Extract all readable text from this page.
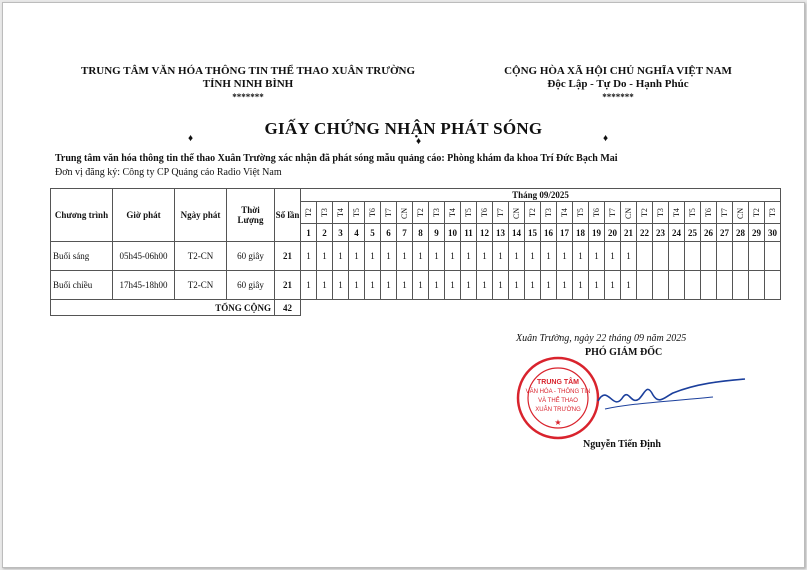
TRUNG TÂM VĂN HÓA THÔNG TIN THỂ THAO XUÂN TRƯỜNG
TỈNH NINH BÌNH
*******
CỘNG HÒA XÃ HỘI CHỦ NGHĨA VIỆT NAM
Độc Lập - Tự Do - Hạnh Phúc
*******
GIẤY CHỨNG NHẬN PHÁT SÓNG
♦	♦	♦
Trung tâm văn hóa thông tin thể thao Xuân Trường xác nhận đã phát sóng mẫu quảng cáo: Phòng khám đa khoa Trí Đức Bạch Mai
Đơn vị đăng ký: Công ty CP Quảng cáo Radio Việt Nam
Chương trình	Giờ phát	Ngày phát	Thời Lượng	Số lần	Tháng 09/2025																													

					T2	T3	T4	T5	T6	T7	CN	T2	T3	T4	T5	T6	T7	CN	T2	T3	T4	T5	T6	T7	CN	T2	T3	T4	T5	T6	T7	CN	T2	T3

					1	2	3	4	5	6	7	8	9	10	11	12	13	14	15	16	17	18	19	20	21	22	23	24	25	26	27	28	29	30
Buổi sáng	05h45-06h00	T2-CN	60 giây	21	1	1	1	1	1	1	1	1	1	1	1	1	1	1	1	1	1	1	1	1	1									
Buổi chiều	17h45-18h00	T2-CN	60 giây	21	1	1	1	1	1	1	1	1	1	1	1	1	1	1	1	1	1	1	1	1	1									
TỔNG CỘNG				42																														
Xuân Trường, ngày 22 tháng 09 năm 2025
PHÓ GIÁM ĐỐC
TRUNG TÂM
VĂN HÓA - THÔNG TIN
VÀ THỂ THAO
XUÂN TRƯỜNG
★
Nguyễn Tiến Định
